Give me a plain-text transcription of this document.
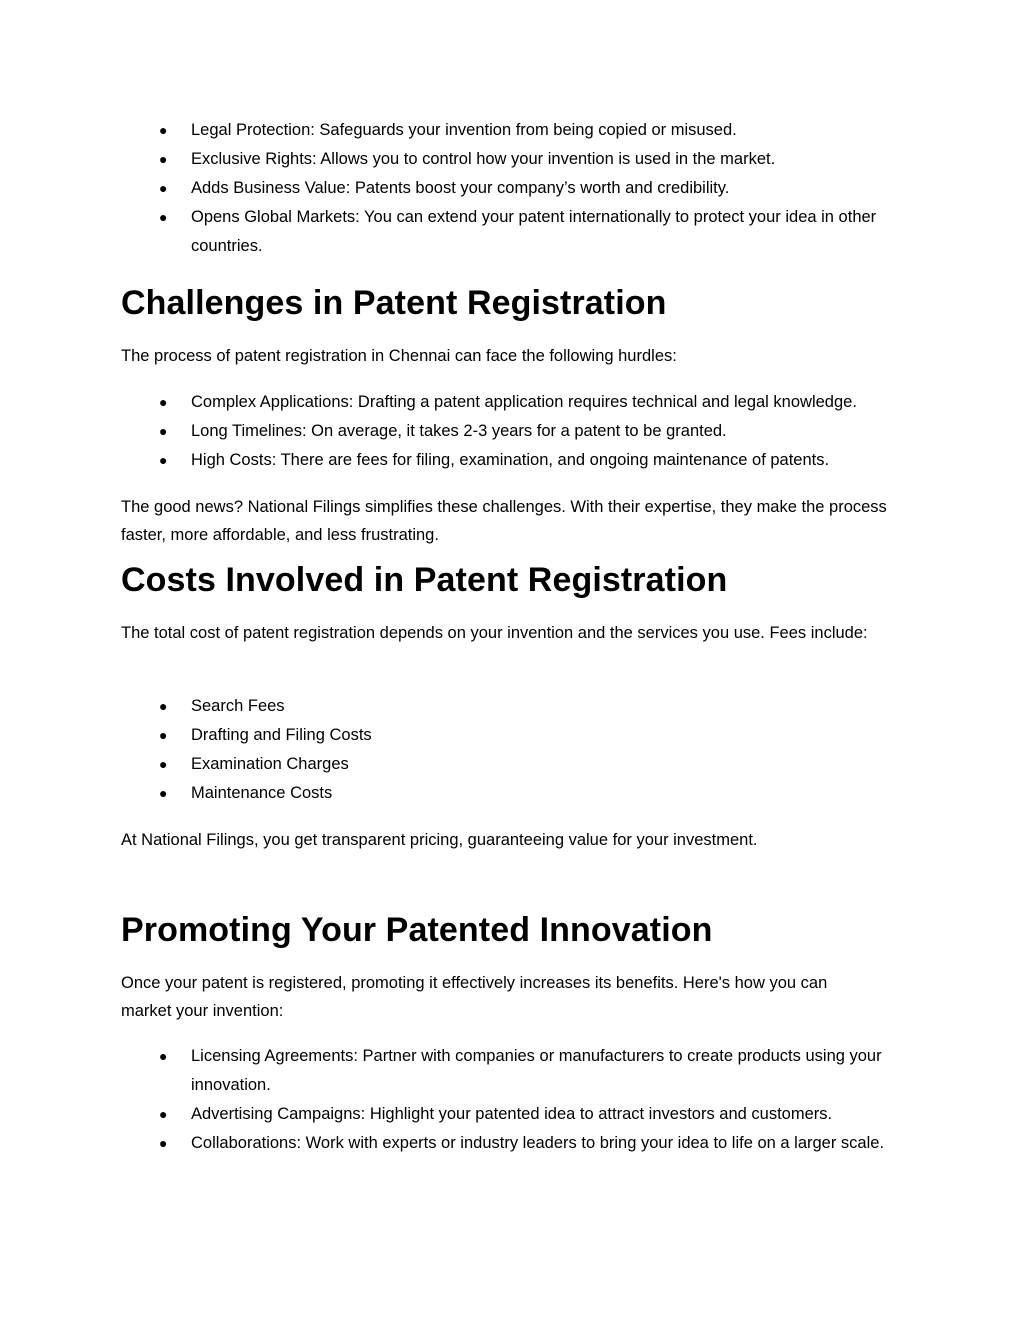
● Legal Protection: Safeguards your invention from being copied or misused.
● Exclusive Rights: Allows you to control how your invention is used in the market.
● Adds Business Value: Patents boost your company’s worth and credibility.
● Opens Global Markets: You can extend your patent internationally to protect your idea in other countries.
Challenges in Patent Registration

The process of patent registration in Chennai can face the following hurdles:

● Complex Applications: Drafting a patent application requires technical and legal knowledge.
● Long Timelines: On average, it takes 2-3 years for a patent to be granted.
● High Costs: There are fees for filing, examination, and ongoing maintenance of patents.

The good news? National Filings simplifies these challenges. With their expertise, they make the process faster, more affordable, and less frustrating.

Costs Involved in Patent Registration

The total cost of patent registration depends on your invention and the services you use. Fees include:

● Search Fees
● Drafting and Filing Costs
● Examination Charges
● Maintenance Costs

At National Filings, you get transparent pricing, guaranteeing value for your investment.

Promoting Your Patented Innovation

Once your patent is registered, promoting it effectively increases its benefits. Here's how you can market your invention:

● Licensing Agreements: Partner with companies or manufacturers to create products using your innovation.
● Advertising Campaigns: Highlight your patented idea to attract investors and customers.
● Collaborations: Work with experts or industry leaders to bring your idea to life on a larger scale.
